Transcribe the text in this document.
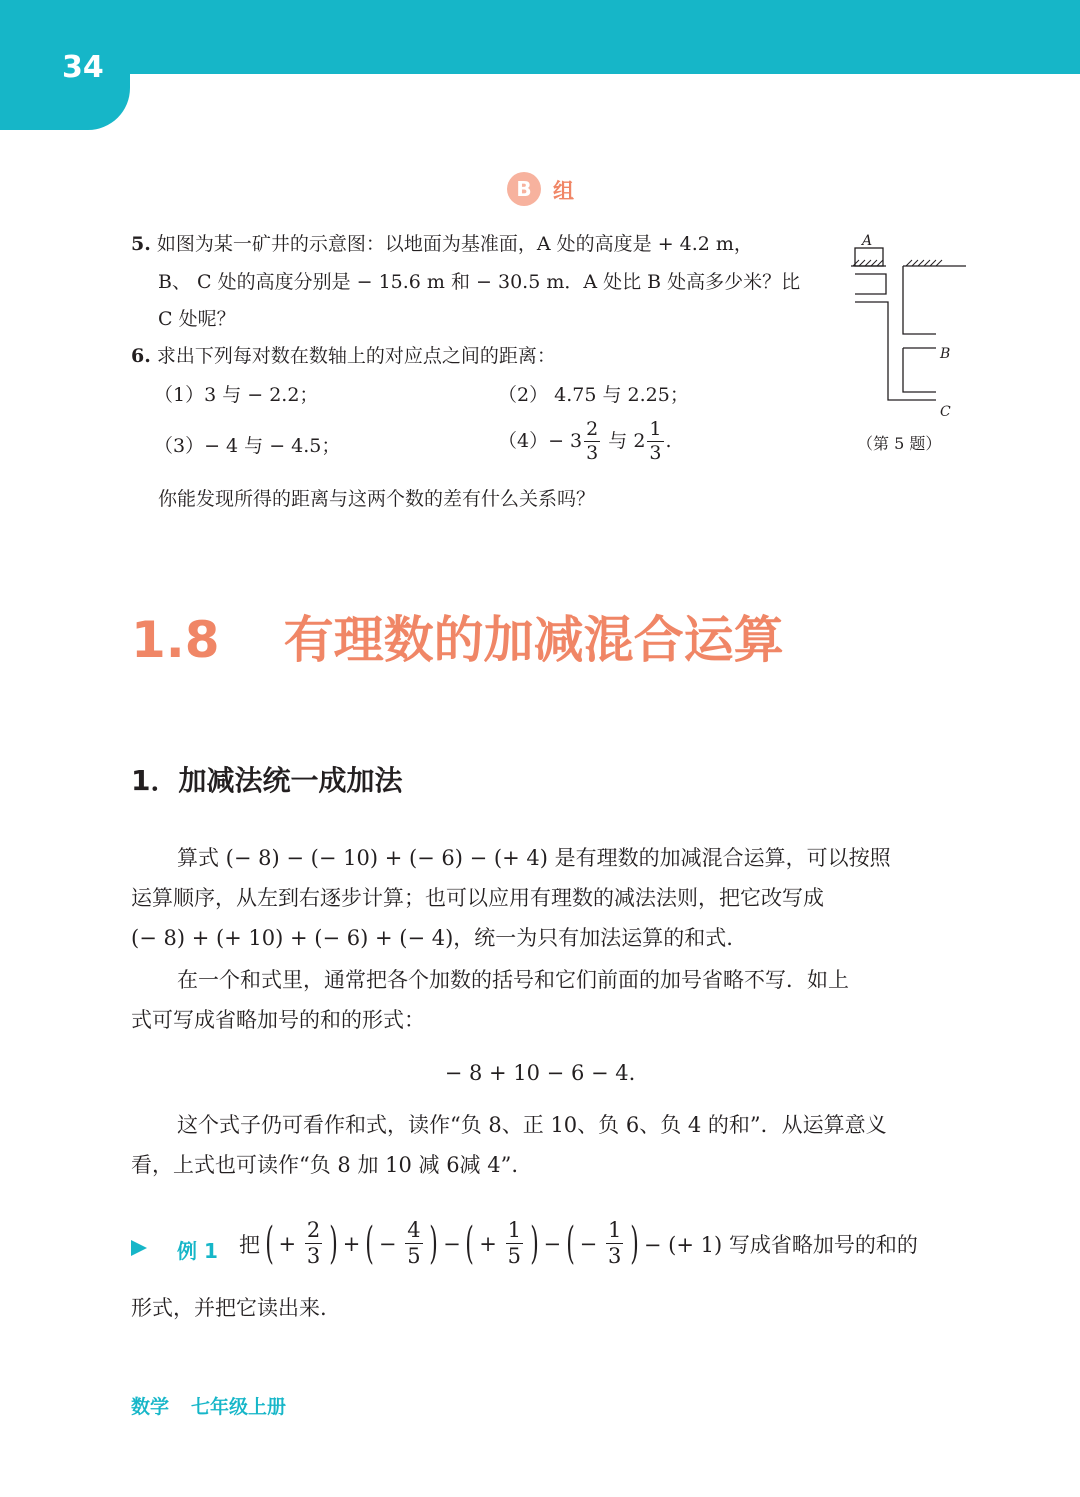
34
B	组
5. 如图为某一矿井的示意图：以地面为基准面，A 处的高度是 + 4.2 m，
B、 C 处的高度分别是 − 15.6 m 和 − 30.5 m．A 处比 B 处高多少米？比
C 处呢？
6. 求出下列每对数在数轴上的对应点之间的距离：
（1）3 与 − 2.2；	（2） 4.75 与 2.25；
（3）− 4 与 − 4.5；	$(4)- 3 \frac{2}{3}$ 与 $2 \frac{1}{3}$ .
你能发现所得的距离与这两个数的差有什么关系吗？
A
B
C
（第 5 题）
1.8 有理数的加减混合运算
1．加减法统一成加法
算式 (− 8) − (− 10) + (− 6) − (+ 4) 是有理数的加减混合运算，可以按照
运算顺序，从左到右逐步计算；也可以应用有理数的减法法则，把它改写成
(− 8) + (+ 10) + (− 6) + (− 4)，统一为只有加法运算的和式.
在一个和式里，通常把各个加数的括号和它们前面的加号省略不写．如上
式可写成省略加号的和的形式：
− 8 + 10 − 6 − 4.
这个式子仍可看作和式，读作“负 8、正 10、负 6、负 4 的和”．从运算意义
看，上式也可读作“负 8 加 10 减 6减 4”.
例 1 把 ( + $\frac{2}{3}$ ) + ( − $\frac{4}{5}$ ) − ( + $\frac{1}{5}$ ) − ( − $\frac{1}{3}$ ) − (+ 1) 写成省略加号的和的
形式，并把它读出来.
数学 七年级上册
